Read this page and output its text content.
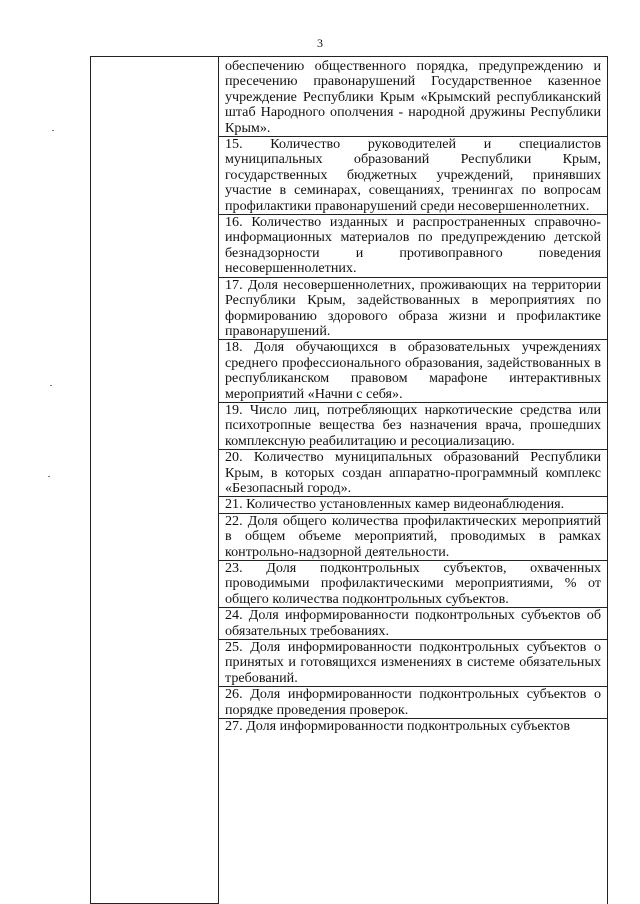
3

обеспечению общественного порядка, предупреждению и пресечению правонарушений Государственное казенное учреждение Республики Крым «Крымский республиканский штаб Народного ополчения - народной дружины Республики Крым».
15. Количество руководителей и специалистов муниципальных образований Республики Крым, государственных бюджетных учреждений, принявших участие в семинарах, совещаниях, тренингах по вопросам профилактики правонарушений среди несовершеннолетних.
16. Количество изданных и распространенных справочно-информационных материалов по предупреждению детской безнадзорности и противоправного поведения несовершеннолетних.
17. Доля несовершеннолетних, проживающих на территории Республики Крым, задействованных в мероприятиях по формированию здорового образа жизни и профилактике правонарушений.
18. Доля обучающихся в образовательных учреждениях среднего профессионального образования, задействованных в республиканском правовом марафоне интерактивных мероприятий «Начни с себя».
19. Число лиц, потребляющих наркотические средства или психотропные вещества без назначения врача, прошедших комплексную реабилитацию и ресоциализацию.
20. Количество муниципальных образований Республики Крым, в которых создан аппаратно-программный комплекс «Безопасный город».
21. Количество установленных камер видеонаблюдения.
22. Доля общего количества профилактических мероприятий в общем объеме мероприятий, проводимых в рамках контрольно-надзорной деятельности.
23. Доля подконтрольных субъектов, охваченных проводимыми профилактическими мероприятиями, % от общего количества подконтрольных субъектов.
24. Доля информированности подконтрольных субъектов об обязательных требованиях.
25. Доля информированности подконтрольных субъектов о принятых и готовящихся изменениях в системе обязательных требований.
26. Доля информированности подконтрольных субъектов о порядке проведения проверок.
27. Доля информированности подконтрольных субъектов
